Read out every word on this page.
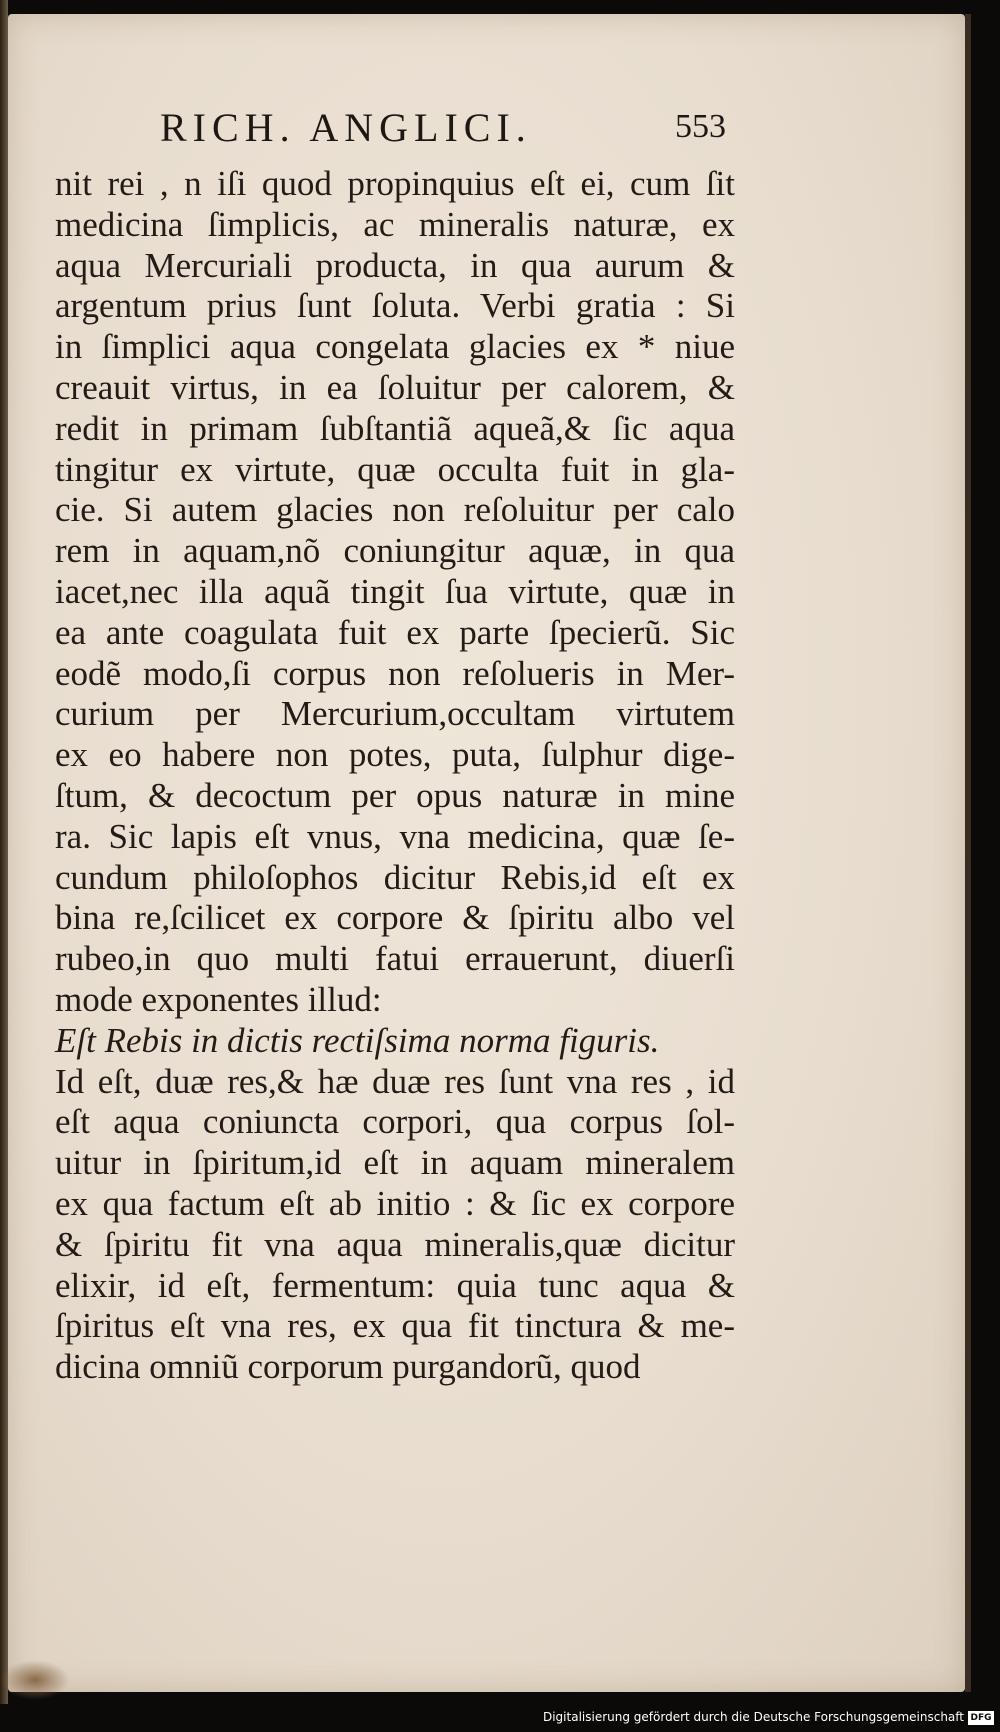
RICH. ANGLICI.	553
nit rei , n iſi quod propinquius eſt ei, cum ſit
medicina ſimplicis, ac mineralis naturæ, ex
aqua Mercuriali producta, in qua aurum &
argentum prius ſunt ſoluta. Verbi gratia : Si
in ſimplici aqua congelata glacies ex * niue
creauit virtus, in ea ſoluitur per calorem, &
redit in primam ſubſtantiã aqueã,& ſic aqua
tingitur ex virtute, quæ occulta fuit in gla-
cie. Si autem glacies non reſoluitur per calo
rem in aquam,nõ coniungitur aquæ, in qua
iacet,nec illa aquã tingit ſua virtute, quæ in
ea ante coagulata fuit ex parte ſpecierũ. Sic
eodẽ modo,ſi corpus non reſolueris in Mer-
curium per Mercurium,occultam virtutem
ex eo habere non potes, puta, ſulphur dige-
ſtum, & decoctum per opus naturæ in mine
ra. Sic lapis eſt vnus, vna medicina, quæ ſe-
cundum philoſophos dicitur Rebis,id eſt ex
bina re,ſcilicet ex corpore & ſpiritu albo vel
rubeo,in quo multi fatui errauerunt, diuerſi
mode exponentes illud:
Eſt Rebis in dictis rectiſsima norma figuris.
Id eſt, duæ res,& hæ duæ res ſunt vna res , id
eſt aqua coniuncta corpori, qua corpus ſol-
uitur in ſpiritum,id eſt in aquam mineralem
ex qua factum eſt ab initio : & ſic ex corpore
& ſpiritu fit vna aqua mineralis,quæ dicitur
elixir, id eſt, fermentum: quia tunc aqua &
ſpiritus eſt vna res, ex qua fit tinctura & me-
dicina omniũ corporum purgandorũ, quod
Digitalisierung gefördert durch die Deutsche Forschungsgemeinschaft DFG
